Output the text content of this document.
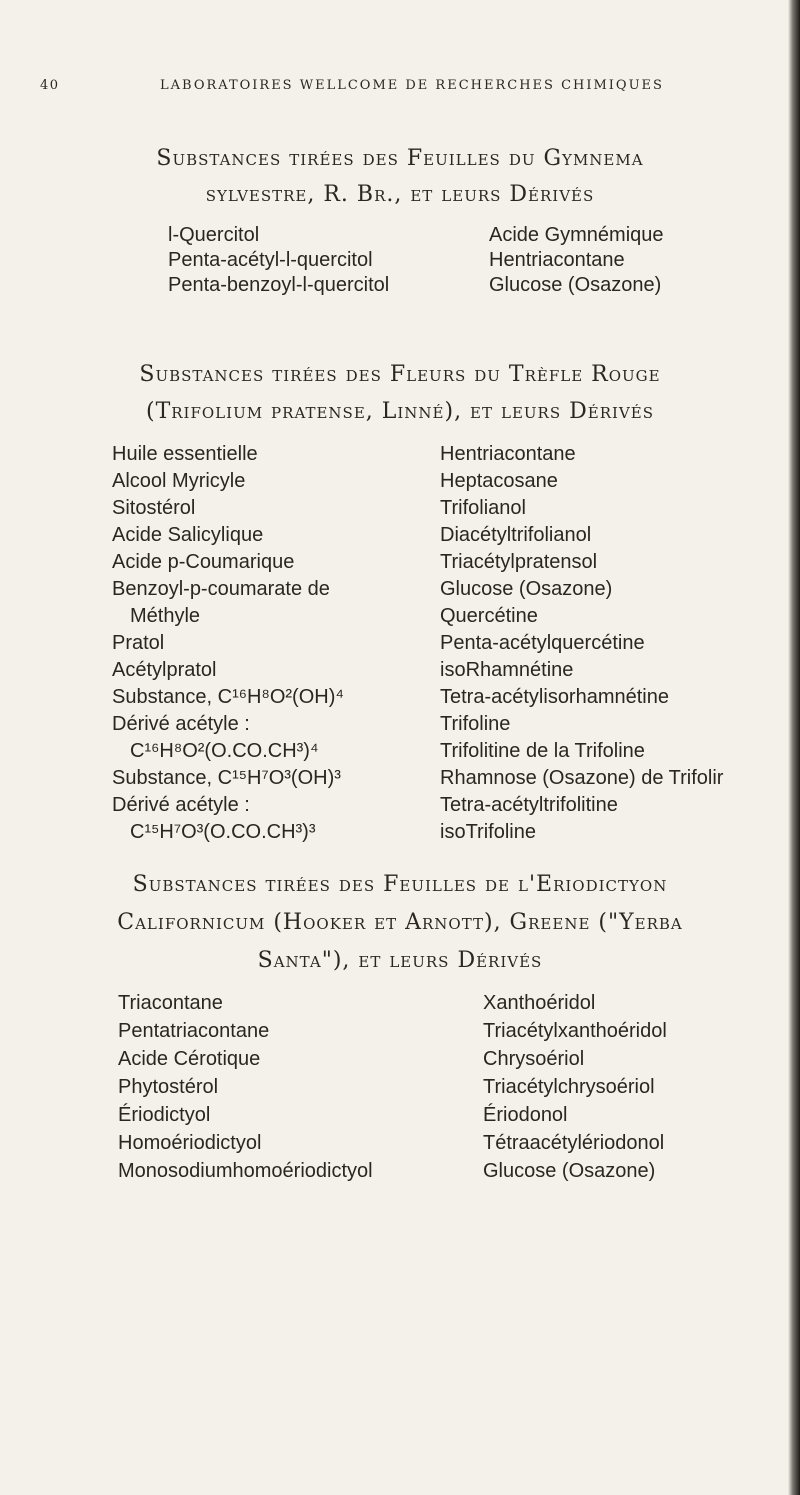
40	LABORATOIRES WELLCOME DE RECHERCHES CHIMIQUES
Substances tirées des Feuilles du Gymnema
sylvestre, R. Br., et leurs Dérivés
l-Quercitol
Penta-acétyl-l-quercitol
Penta-benzoyl-l-quercitol
Acide Gymnémique
Hentriacontane
Glucose (Osazone)
Substances tirées des Fleurs du Trèfle Rouge
(Trifolium pratense, Linné), et leurs Dérivés
Huile essentielle
Alcool Myricyle
Sitostérol
Acide Salicylique
Acide p-Coumarique
Benzoyl-p-coumarate de
Méthyle
Pratol
Acétylpratol
Substance, C¹⁶H⁸O²(OH)⁴
Dérivé acétyle :
C¹⁶H⁸O²(O.CO.CH³)⁴
Substance, C¹⁵H⁷O³(OH)³
Dérivé acétyle :
C¹⁵H⁷O³(O.CO.CH³)³
Hentriacontane
Heptacosane
Trifolianol
Diacétyltrifolianol
Triacétylpratensol
Glucose (Osazone)
Quercétine
Penta-acétylquercétine
isoRhamnétine
Tetra-acétylisorhamnétine
Trifoline
Trifolitine de la Trifoline
Rhamnose (Osazone) de Trifolir
Tetra-acétyltrifolitine
isoTrifoline
Substances tirées des Feuilles de l'Eriodictyon
Californicum (Hooker et Arnott), Greene ("Yerba
Santa"), et leurs Dérivés
Triacontane
Pentatriacontane
Acide Cérotique
Phytostérol
Ériodictyol
Homoériodictyol
Monosodiumhomoériodictyol
Xanthoéridol
Triacétylxanthoéridol
Chrysoériol
Triacétylchrysoériol
Ériodonol
Tétraacétylériodonol
Glucose (Osazone)
